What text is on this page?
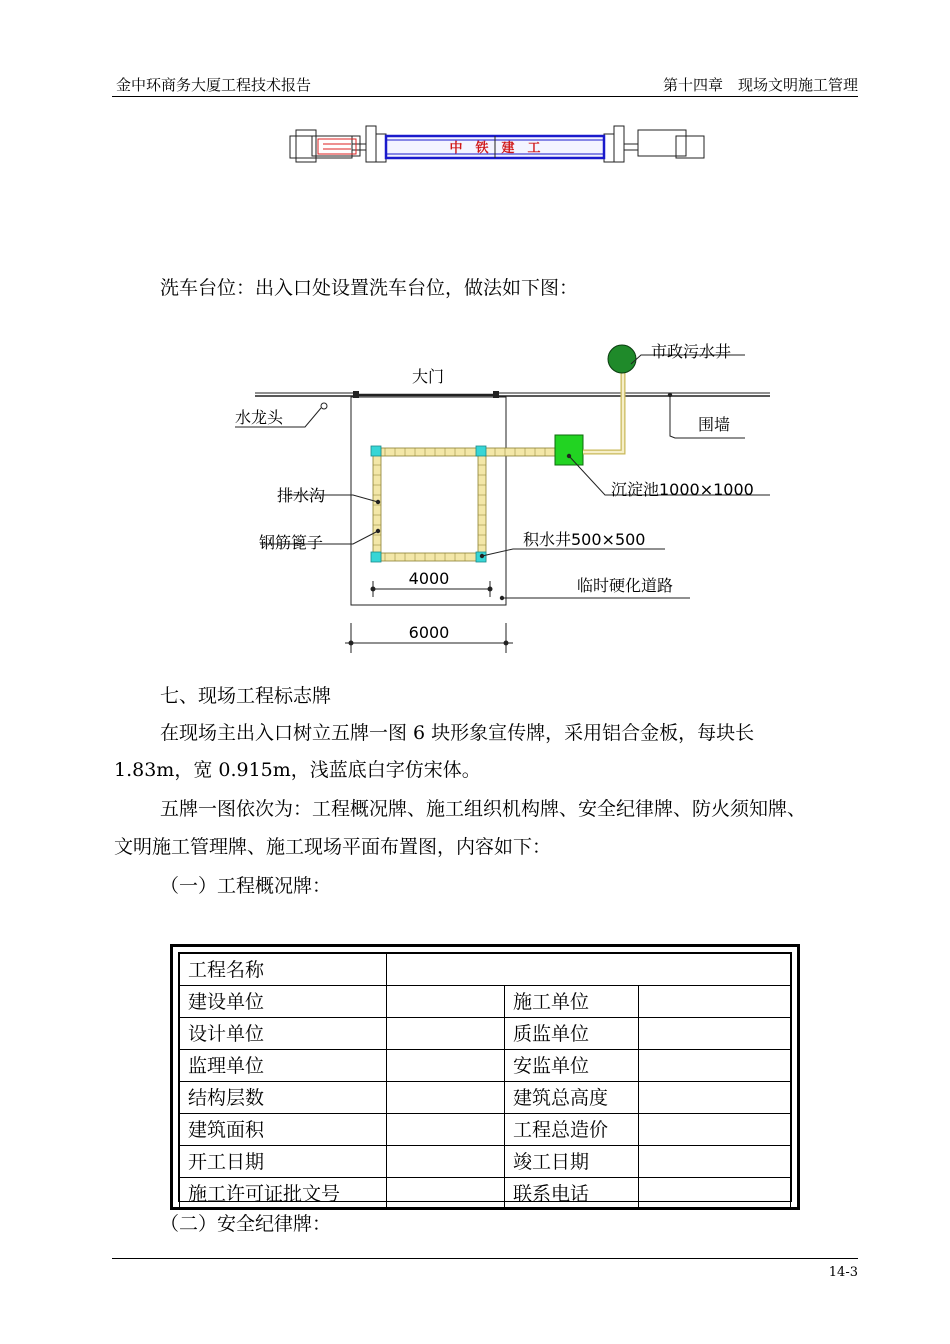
金中环商务大厦工程技术报告	第十四章　现场文明施工管理
中　铁　建　工
洗车台位：出入口处设置洗车台位，做法如下图：
大门
市政污水井
围墙
水龙头
沉淀池1000×1000
排水沟
钢筋篦子	积水井500×500
临时硬化道路
4000
6000
七、现场工程标志牌
在现场主出入口树立五牌一图 6 块形象宣传牌，采用铝合金板，每块长
1.83m，宽 0.915m，浅蓝底白字仿宋体。
五牌一图依次为：工程概况牌、施工组织机构牌、安全纪律牌、防火须知牌、
文明施工管理牌、施工现场平面布置图，内容如下：
（一）工程概况牌：
工程名称			
建设单位		施工单位	
设计单位		质监单位	
监理单位		安监单位	
结构层数		建筑总高度	
建筑面积		工程总造价	
开工日期		竣工日期	
施工许可证批文号		联系电话	
（二）安全纪律牌：
14-3
